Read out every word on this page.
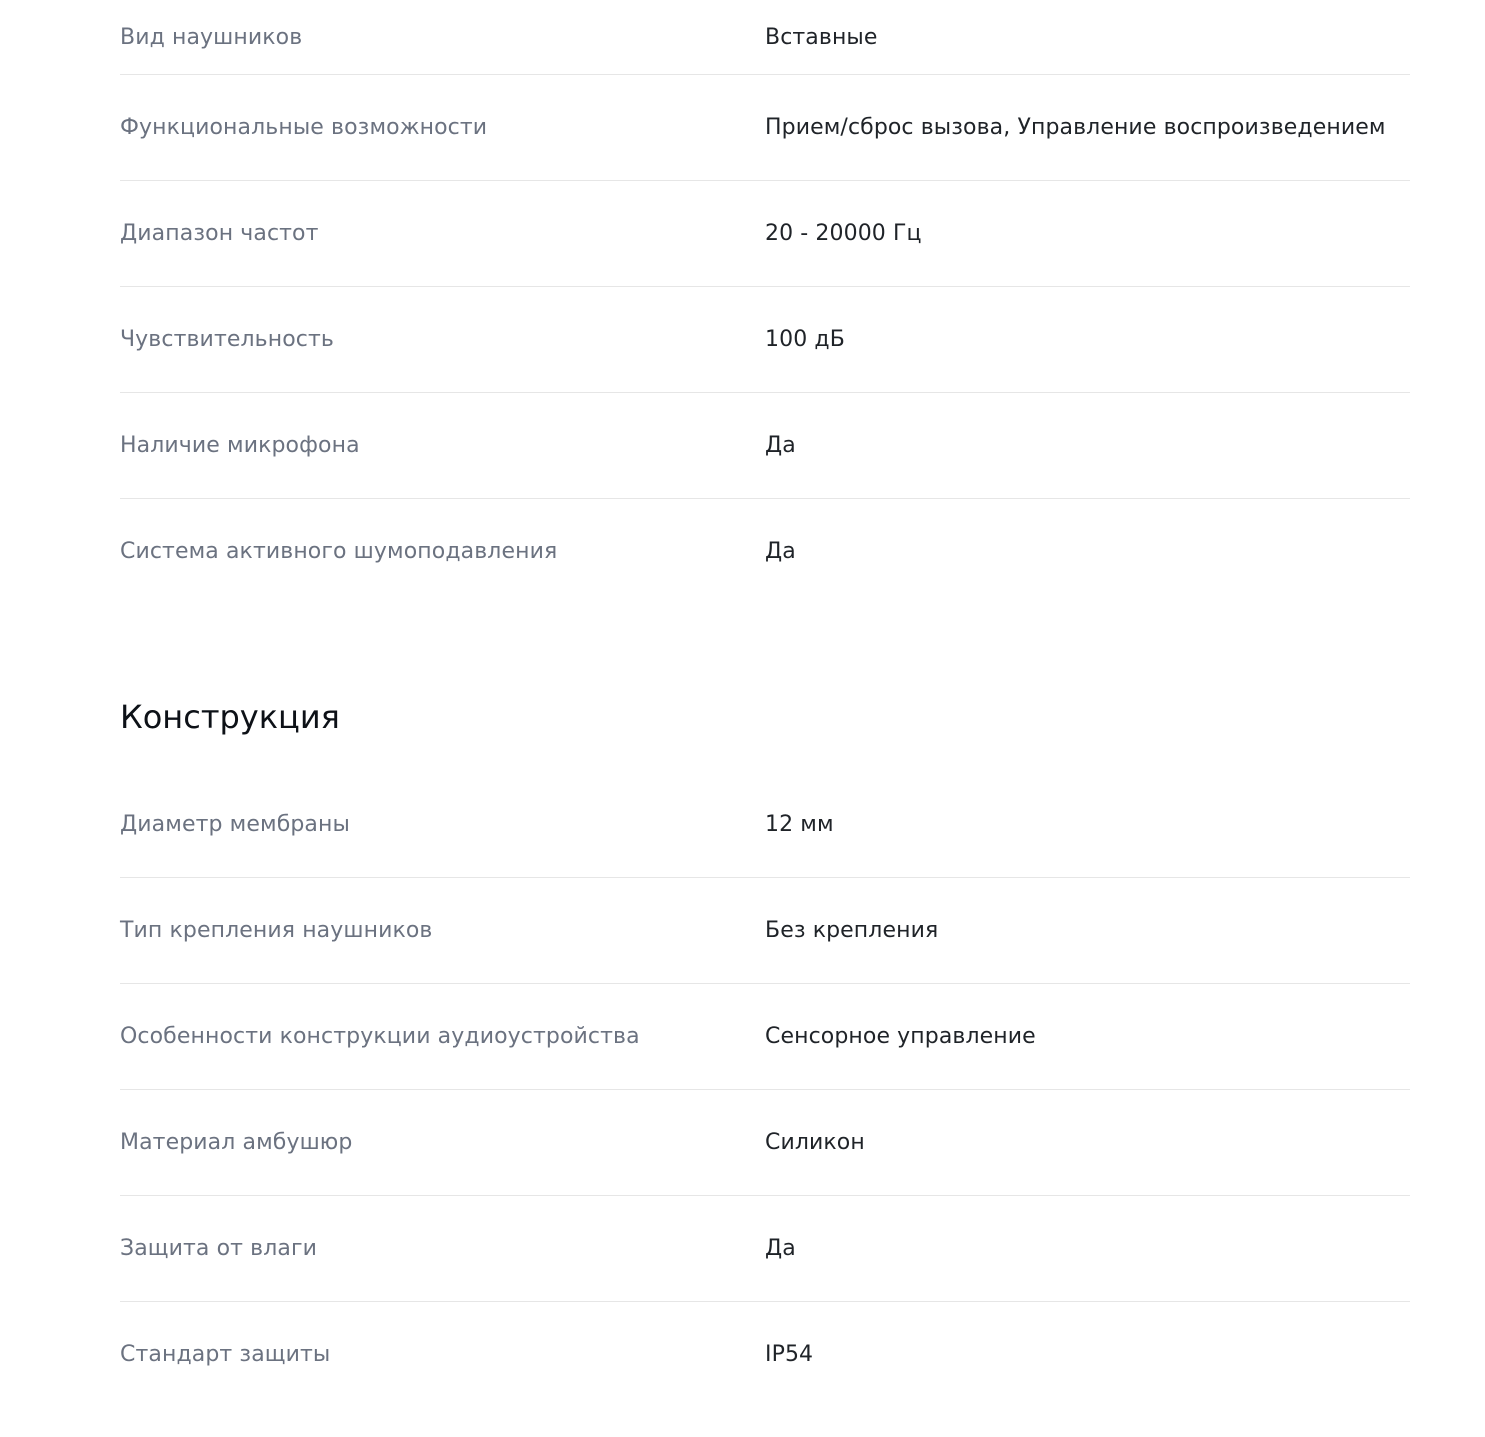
Вид наушников	Вставные
Функциональные возможности	Прием/сброс вызова, Управление воспроизведением
Диапазон частот	20 - 20000 Гц
Чувствительность	100 дБ
Наличие микрофона	Да
Система активного шумоподавления	Да
Конструкция
Диаметр мембраны	12 мм
Тип крепления наушников	Без крепления
Особенности конструкции аудиоустройства	Сенсорное управление
Материал амбушюр	Силикон
Защита от влаги	Да
Стандарт защиты	IP54
